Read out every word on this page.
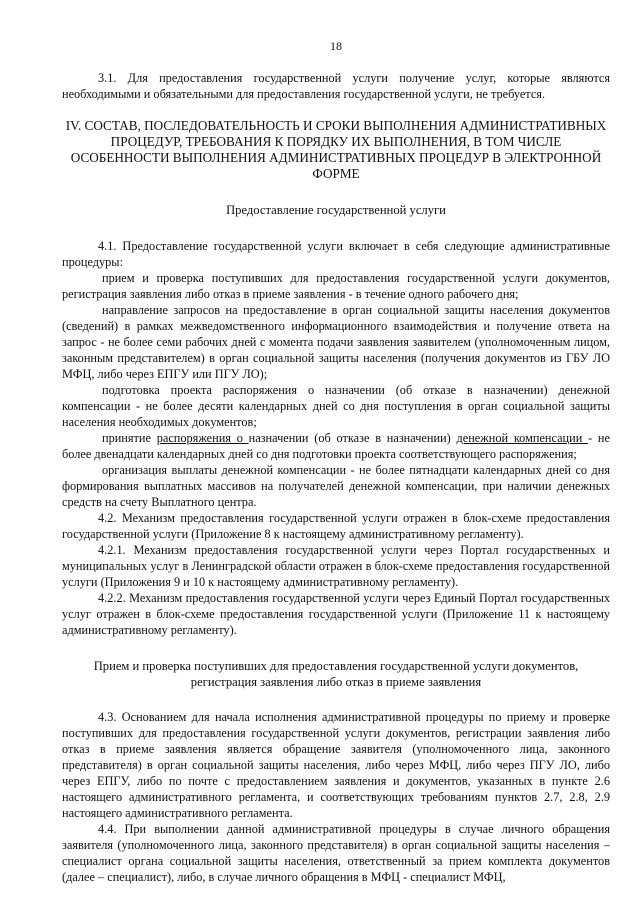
18

3.1. Для предоставления государственной услуги получение услуг, которые являются необходимыми и обязательными для предоставления государственной услуги, не требуется.

IV. СОСТАВ, ПОСЛЕДОВАТЕЛЬНОСТЬ И СРОКИ ВЫПОЛНЕНИЯ АДМИНИСТРАТИВНЫХ ПРОЦЕДУР, ТРЕБОВАНИЯ К ПОРЯДКУ ИХ ВЫПОЛНЕНИЯ, В ТОМ ЧИСЛЕ ОСОБЕННОСТИ ВЫПОЛНЕНИЯ АДМИНИСТРАТИВНЫХ ПРОЦЕДУР В ЭЛЕКТРОННОЙ ФОРМЕ
Предоставление государственной услуги

4.1. Предоставление государственной услуги включает в себя следующие административные процедуры:

прием и проверка поступивших для предоставления государственной услуги документов, регистрация заявления либо отказ в приеме заявления - в течение одного рабочего дня;

направление запросов на предоставление в орган социальной защиты населения документов (сведений) в рамках межведомственного информационного взаимодействия и получение ответа на запрос - не более семи рабочих дней с момента подачи заявления заявителем (уполномоченным лицом, законным представителем) в орган социальной защиты населения (получения документов из ГБУ ЛО МФЦ, либо через ЕПГУ или ПГУ ЛО);

подготовка проекта распоряжения о назначении (об отказе в назначении) денежной компенсации - не более десяти календарных дней со дня поступления в орган социальной защиты населения необходимых документов;

принятие распоряжения о назначении (об отказе в назначении) денежной компенсации - не более двенадцати календарных дней со дня подготовки проекта соответствующего распоряжения;

организация выплаты денежной компенсации - не более пятнадцати календарных дней со дня формирования выплатных массивов на получателей денежной компенсации, при наличии денежных средств на счету Выплатного центра.

4.2. Механизм предоставления государственной услуги отражен в блок-схеме предоставления государственной услуги (Приложение 8 к настоящему административному регламенту).

4.2.1. Механизм предоставления государственной услуги через Портал государственных и муниципальных услуг в Ленинградской области отражен в блок-схеме предоставления государственной услуги (Приложения 9 и 10 к настоящему административному регламенту).

4.2.2. Механизм предоставления государственной услуги через Единый Портал государственных услуг отражен в блок-схеме предоставления государственной услуги (Приложение 11 к настоящему административному регламенту).

Прием и проверка поступивших для предоставления государственной услуги документов, регистрация заявления либо отказ в приеме заявления

4.3. Основанием для начала исполнения административной процедуры по приему и проверке поступивших для предоставления государственной услуги документов, регистрации заявления либо отказ в приеме заявления является обращение заявителя (уполномоченного лица, законного представителя) в орган социальной защиты населения, либо через МФЦ, либо через ПГУ ЛО, либо через ЕПГУ, либо по почте с предоставлением заявления и документов, указанных в пункте 2.6 настоящего административного регламента, и соответствующих требованиям пунктов 2.7, 2.8, 2.9 настоящего административного регламента.

4.4. При выполнении данной административной процедуры в случае личного обращения заявителя (уполномоченного лица, законного представителя) в орган социальной защиты населения – специалист органа социальной защиты населения, ответственный за прием комплекта документов (далее – специалист), либо, в случае личного обращения в МФЦ - специалист МФЦ,
